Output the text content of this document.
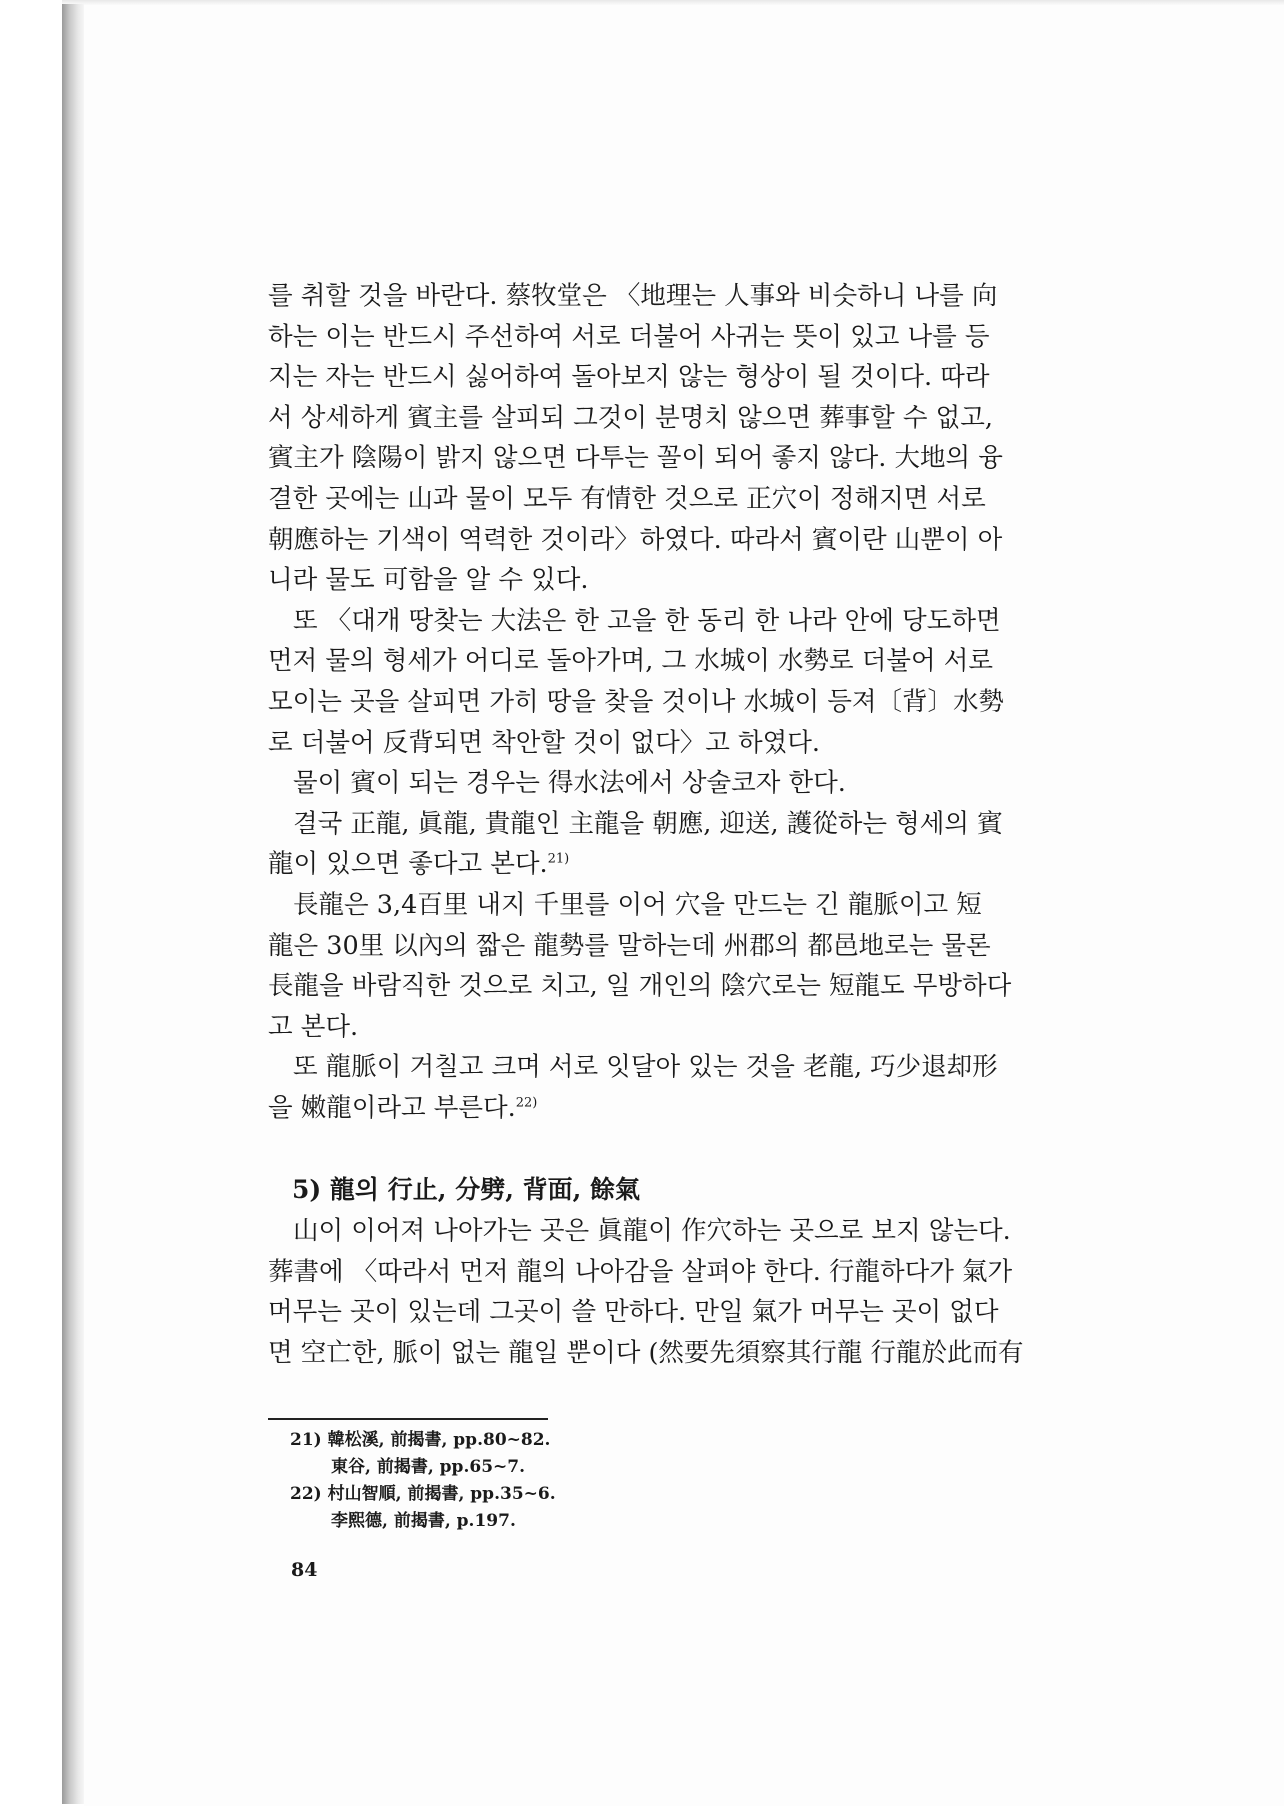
를 취할 것을 바란다. 蔡牧堂은 〈地理는 人事와 비슷하니 나를 向
하는 이는 반드시 주선하여 서로 더불어 사귀는 뜻이 있고 나를 등
지는 자는 반드시 싫어하여 돌아보지 않는 형상이 될 것이다. 따라
서 상세하게 賓主를 살피되 그것이 분명치 않으면 葬事할 수 없고,
賓主가 陰陽이 밝지 않으면 다투는 꼴이 되어 좋지 않다. 大地의 융
결한 곳에는 山과 물이 모두 有情한 것으로 正穴이 정해지면 서로
朝應하는 기색이 역력한 것이라〉하였다. 따라서 賓이란 山뿐이 아
니라 물도 可함을 알 수 있다.

또 〈대개 땅찾는 大法은 한 고을 한 동리 한 나라 안에 당도하면
먼저 물의 형세가 어디로 돌아가며, 그 水城이 水勢로 더불어 서로
모이는 곳을 살피면 가히 땅을 찾을 것이나 水城이 등져〔背〕水勢
로 더불어 反背되면 착안할 것이 없다〉고 하였다.

물이 賓이 되는 경우는 得水法에서 상술코자 한다.

결국 正龍, 眞龍, 貴龍인 主龍을 朝應, 迎送, 護從하는 형세의 賓
龍이 있으면 좋다고 본다.$^{21)}$

長龍은 3,4百里 내지 千里를 이어 穴을 만드는 긴 龍脈이고 短
龍은 30里 以內의 짧은 龍勢를 말하는데 州郡의 都邑地로는 물론
長龍을 바람직한 것으로 치고, 일 개인의 陰穴로는 短龍도 무방하다
고 본다.

또 龍脈이 거칠고 크며 서로 잇달아 있는 것을 老龍, 巧少退却形
을 嫩龍이라고 부른다.$^{22)}$

5) 龍의 行止, 分劈, 背面, 餘氣

山이 이어져 나아가는 곳은 眞龍이 作穴하는 곳으로 보지 않는다.
葬書에 〈따라서 먼저 龍의 나아감을 살펴야 한다. 行龍하다가 氣가
머무는 곳이 있는데 그곳이 쓸 만하다. 만일 氣가 머무는 곳이 없다
면 空亡한, 脈이 없는 龍일 뿐이다 (然要先須察其行龍 行龍於此而有

21) 韓松溪, 前揭書, pp.80~82.

東谷, 前揭書, pp.65~7.

22) 村山智順, 前揭書, pp.35~6.

李熙德, 前揭書, p.197.

84
